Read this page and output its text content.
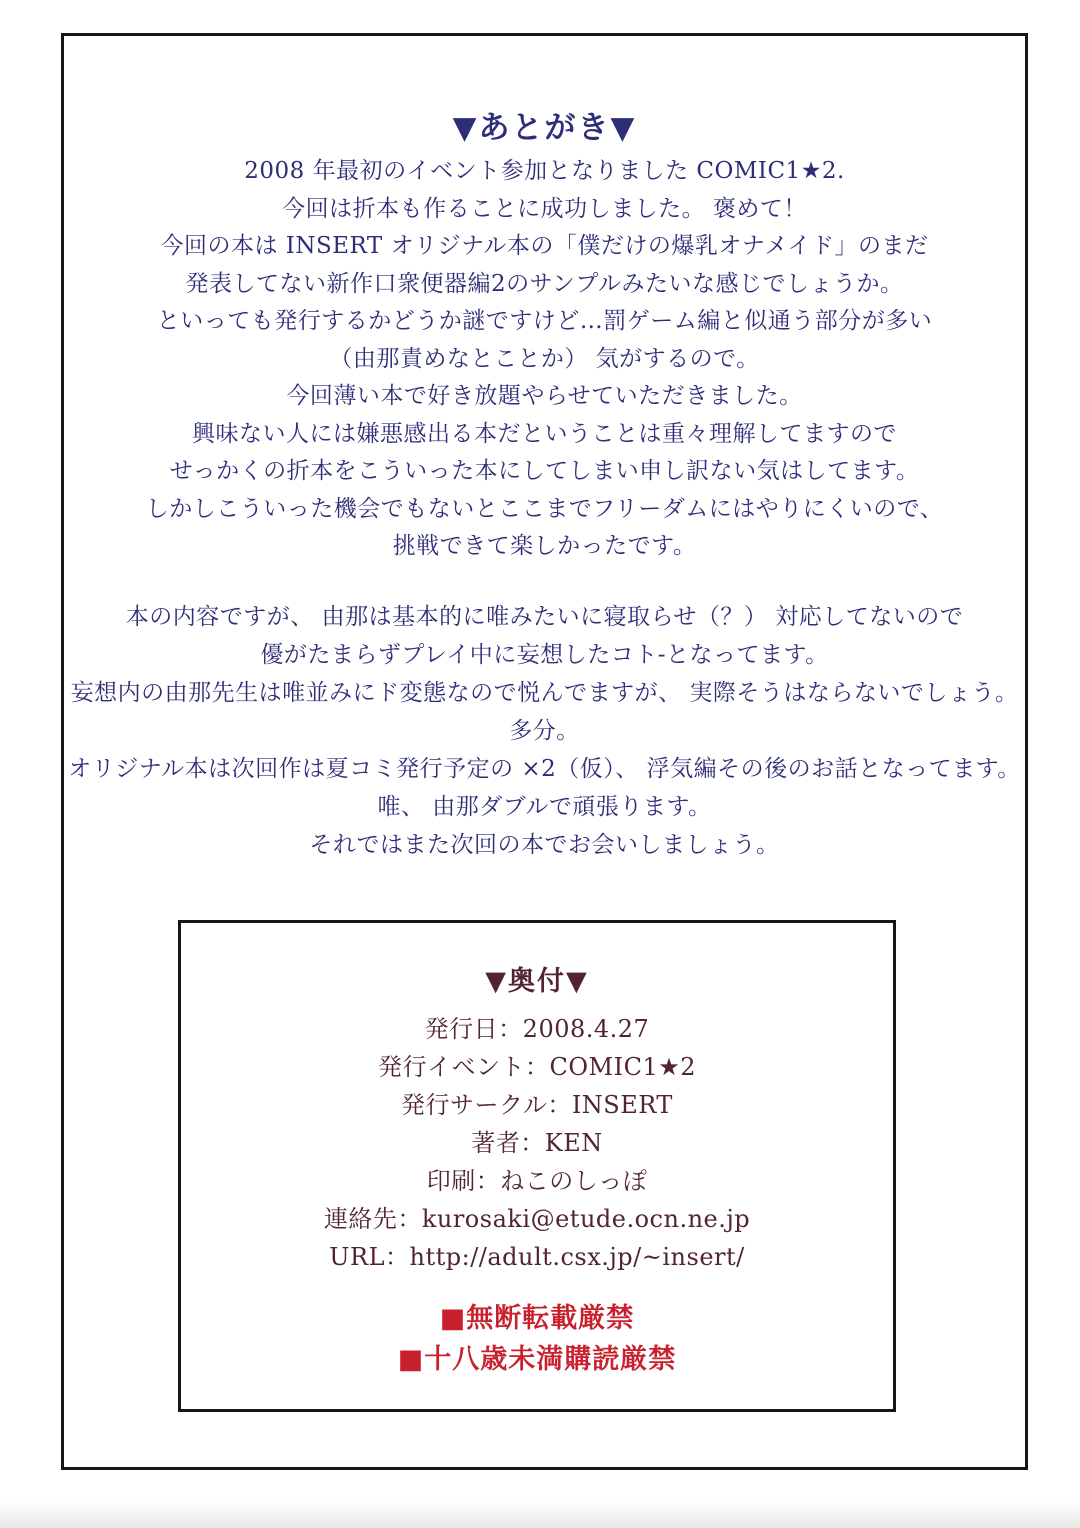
▼あとがき▼
2008 年最初のイベント参加となりました COMIC1★2.
今回は折本も作ることに成功しました。 褒めて！
今回の本は INSERT オリジナル本の「僕だけの爆乳オナメイド」のまだ
発表してない新作口衆便器編2のサンプルみたいな感じでしょうか。
といっても発行するかどうか謎ですけど…罰ゲーム編と似通う部分が多い
（由那責めなとことか） 気がするので。
今回薄い本で好き放題やらせていただきました。
興味ない人には嫌悪感出る本だということは重々理解してますので
せっかくの折本をこういった本にしてしまい申し訳ない気はしてます。
しかしこういった機会でもないとここまでフリーダムにはやりにくいので、
挑戦できて楽しかったです。
本の内容ですが、 由那は基本的に唯みたいに寝取らせ（？） 対応してないので
優がたまらずプレイ中に妄想したコト-となってます。
妄想内の由那先生は唯並みにド変態なので悦んでますが、 実際そうはならないでしょう。
多分。
オリジナル本は次回作は夏コミ発行予定の ×2（仮）、 浮気編その後のお話となってます。
唯、 由那ダブルで頑張ります。
それではまた次回の本でお会いしましょう。
▼奥付▼
発行日：2008.4.27
発行イベント：COMIC1★2
発行サークル：INSERT
著者：KEN
印刷：ねこのしっぽ
連絡先：kurosaki@etude.ocn.ne.jp
URL：http://adult.csx.jp/~insert/
■無断転載厳禁
■十八歳未満購読厳禁
